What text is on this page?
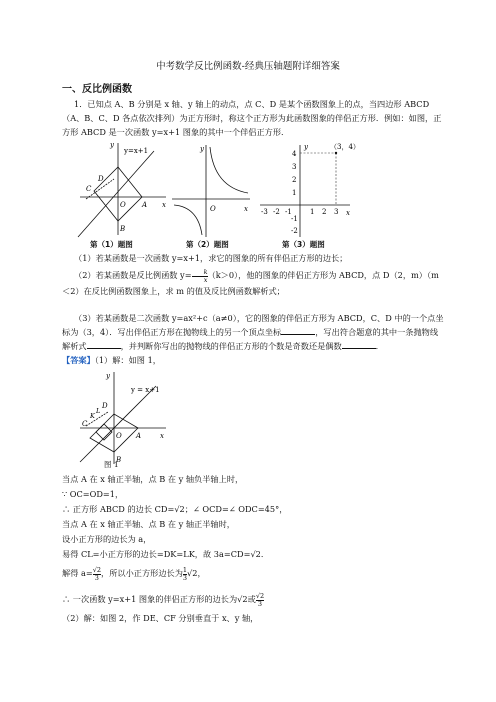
中考数学反比例函数-经典压轴题附详细答案
一、反比例函数
1．已知点 A、B 分别是 x 轴、y 轴上的动点，点 C、D 是某个函数图象上的点，当四边形 ABCD（A、B、C、D 各点依次排列）为正方形时，称这个正方形为此函数图象的伴侣正方形．例如：如图，正方形 ABCD 是一次函数 y=x+1 图象的其中一个伴侣正方形．
y=x+1
y
C
D
O A x
B
y
O	x
（3，4）
y
x
4
3
2
1
-1
-2
-3 -2 -1	1 2 3
第（1）题图	第（2）题图	第（3）题图
（1）若某函数是一次函数 y=x+1，求它的图象的所有伴侣正方形的边长；
（2）若某函数是反比例函数 $y= \frac{k}{x} (k>0)$，他的图象的伴侣正方形为 ABCD，点 D（2，m）（m＜2）在反比例函数图象上，求 m 的值及反比例函数解析式；
（3）若某函数是二次函数 y=ax²+c（a≠0），它的图象的伴侣正方形为 ABCD，C、D 中的一个点坐标为（3，4）．写出伴侣正方形在抛物线上的另一个顶点坐标	，写出符合题意的其中一条抛物线解析式	，并判断你写出的抛物线的伴侣正方形的个数是奇数还是偶数	．
【答案】（1）解：如图 1，
y = x+1
y
C
K
L
D
O A	x
B
图 1
当点 A 在 x 轴正半轴，点 B 在 y 轴负半轴上时，
∵ OC=OD=1，
∴ 正方形 ABCD 的边长 CD=√2；∠ OCD=∠ ODC=45°，
当点 A 在 x 轴正半轴、点 B 在 y 轴正半轴时，
设小正方形的边长为 a，
易得 CL=小正方形的边长=DK=LK，故 3a=CD=√2．
解得 $a= \frac{√2}{3}$ ，所以小正方形边长为 $\frac{1}{3} √2$，
∴ 一次函数 y=x+1 图象的伴侣正方形的边长为√2或 $\frac{√2}{3}$
（2）解：如图 2，作 DE、CF 分别垂直于 x、y 轴，
